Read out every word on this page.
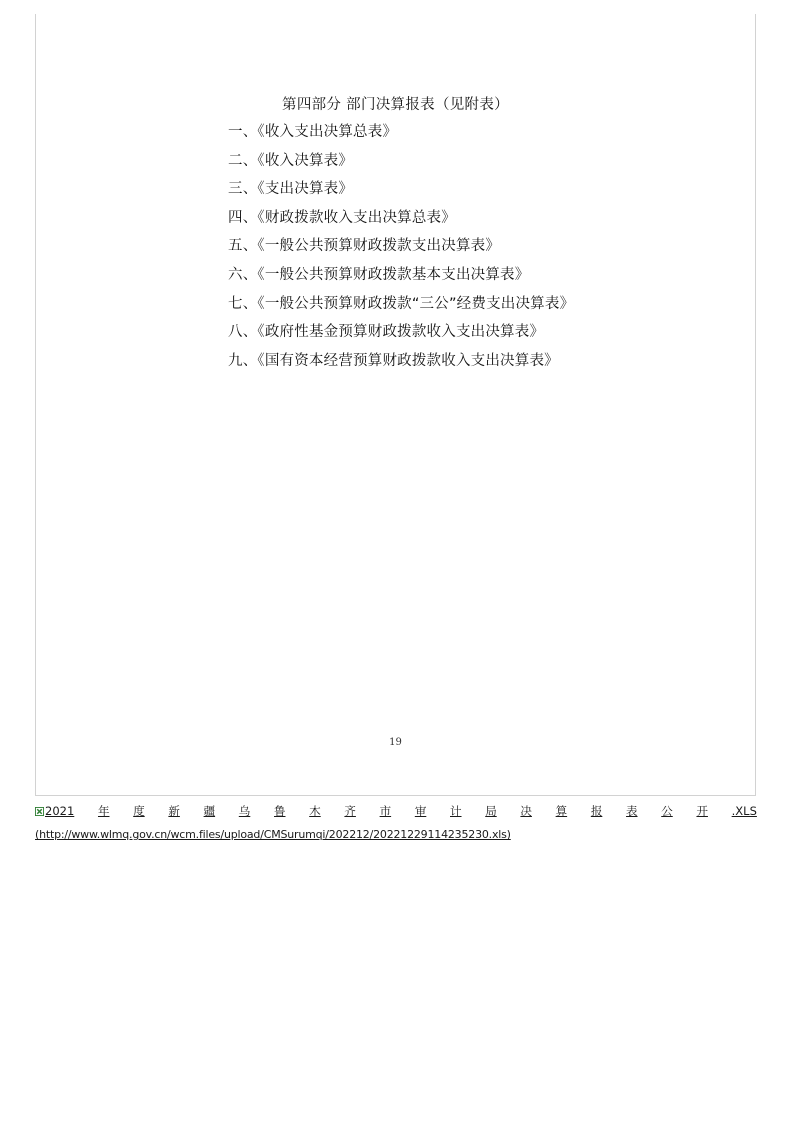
第四部分 部门决算报表（见附表）
一、《收入支出决算总表》
二、《收入决算表》
三、《支出决算表》
四、《财政拨款收入支出决算总表》
五、《一般公共预算财政拨款支出决算表》
六、《一般公共预算财政拨款基本支出决算表》
七、《一般公共预算财政拨款“三公”经费支出决算表》
八、《政府性基金预算财政拨款收入支出决算表》
九、《国有资本经营预算财政拨款收入支出决算表》
19
2021 年 度 新 疆 乌 鲁 木 齐 市 审 计 局 决 算 报 表 公 开 .XLS
(http://www.wlmq.gov.cn/wcm.files/upload/CMSurumqi/202212/20221229114235230.xls)
